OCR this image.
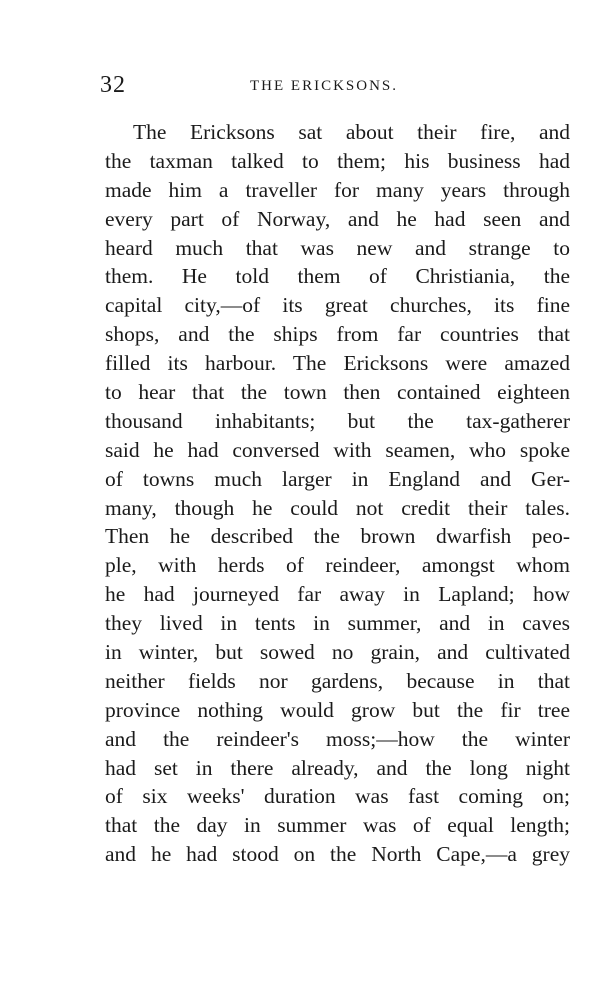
32	THE ERICKSONS.
The Ericksons sat about their fire, and
the taxman talked to them; his business had
made him a traveller for many years through
every part of Norway, and he had seen and
heard much that was new and strange to
them. He told them of Christiania, the
capital city,—of its great churches, its fine
shops, and the ships from far countries that
filled its harbour. The Ericksons were amazed
to hear that the town then contained eighteen
thousand inhabitants; but the tax-gatherer
said he had conversed with seamen, who spoke
of towns much larger in England and Ger-
many, though he could not credit their tales.
Then he described the brown dwarfish peo-
ple, with herds of reindeer, amongst whom
he had journeyed far away in Lapland; how
they lived in tents in summer, and in caves
in winter, but sowed no grain, and cultivated
neither fields nor gardens, because in that
province nothing would grow but the fir tree
and the reindeer's moss;—how the winter
had set in there already, and the long night
of six weeks' duration was fast coming on;
that the day in summer was of equal length;
and he had stood on the North Cape,—a grey
